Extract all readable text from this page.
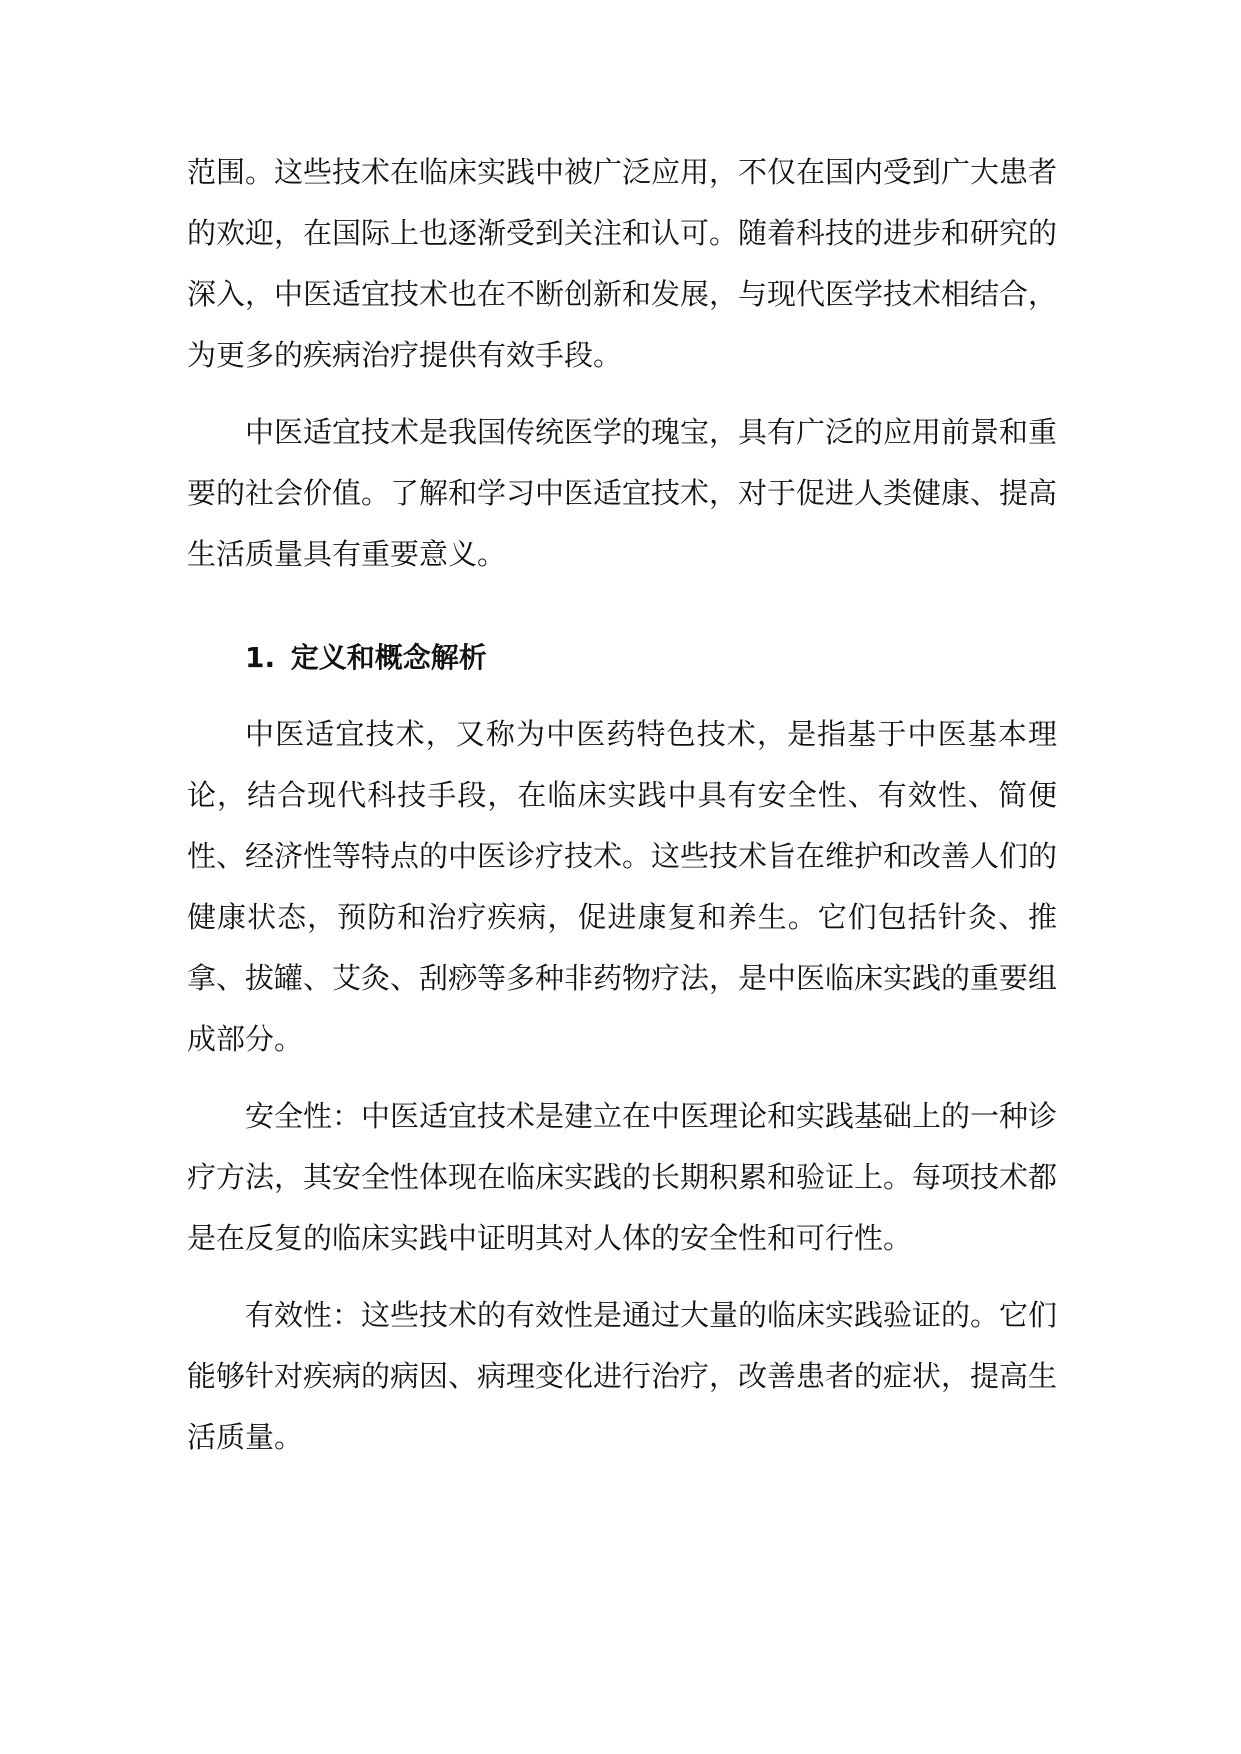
范围。这些技术在临床实践中被广泛应用，不仅在国内受到广大患者的欢迎，在国际上也逐渐受到关注和认可。随着科技的进步和研究的深入，中医适宜技术也在不断创新和发展，与现代医学技术相结合，为更多的疾病治疗提供有效手段。

中医适宜技术是我国传统医学的瑰宝，具有广泛的应用前景和重要的社会价值。了解和学习中医适宜技术，对于促进人类健康、提高生活质量具有重要意义。

1. 定义和概念解析

中医适宜技术，又称为中医药特色技术，是指基于中医基本理论，结合现代科技手段，在临床实践中具有安全性、有效性、简便性、经济性等特点的中医诊疗技术。这些技术旨在维护和改善人们的健康状态，预防和治疗疾病，促进康复和养生。它们包括针灸、推拿、拔罐、艾灸、刮痧等多种非药物疗法，是中医临床实践的重要组成部分。

安全性：中医适宜技术是建立在中医理论和实践基础上的一种诊疗方法，其安全性体现在临床实践的长期积累和验证上。每项技术都是在反复的临床实践中证明其对人体的安全性和可行性。

有效性：这些技术的有效性是通过大量的临床实践验证的。它们能够针对疾病的病因、病理变化进行治疗，改善患者的症状，提高生活质量。
